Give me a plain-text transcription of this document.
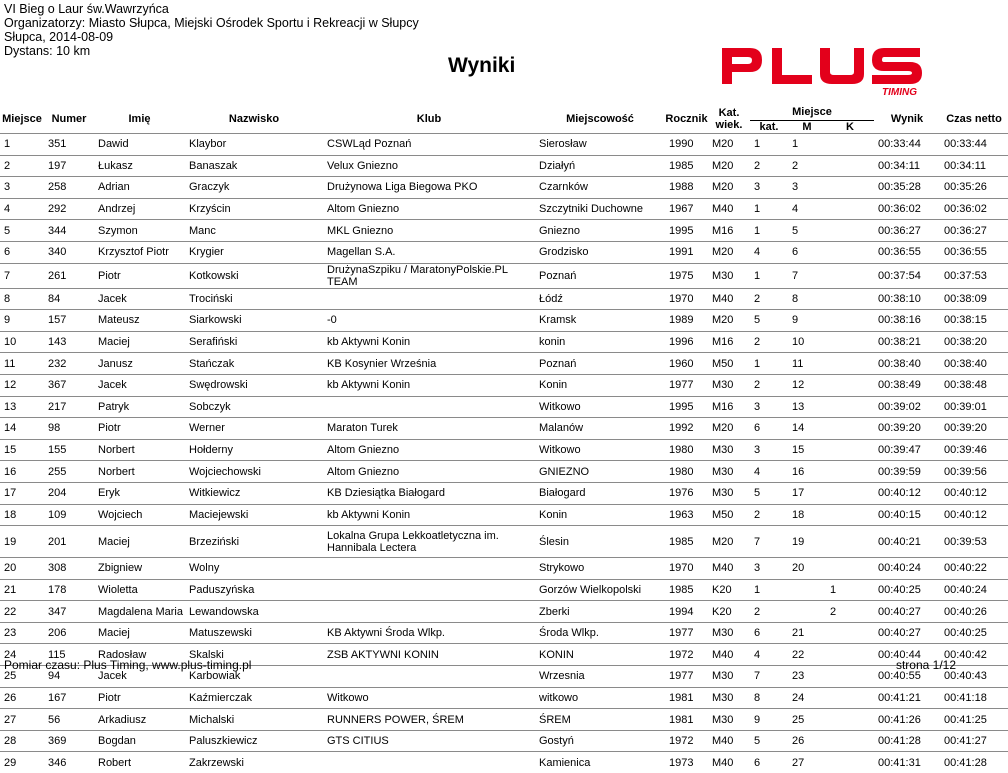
VI Bieg o Laur św.Wawrzyńca
Organizatorzy: Miasto Słupca, Miejski Ośrodek Sportu i Rekreacji w Słupcy
Słupca, 2014-08-09
Dystans: 10 km
Wyniki
TIMING
Miejsce	Numer	Imię	Nazwisko	Klub	Miejscowość	Rocznik	Kat.
wiek.	Miejsce			Wynik	Czas netto
								kat.	M	K		
1	351	Dawid	Klaybor	CSWLąd Poznań	Sierosław	1990	M20	1	1		00:33:44	00:33:44
2	197	Łukasz	Banaszak	Velux Gniezno	Działyń	1985	M20	2	2		00:34:11	00:34:11
3	258	Adrian	Graczyk	Drużynowa Liga Biegowa PKO	Czarnków	1988	M20	3	3		00:35:28	00:35:26
4	292	Andrzej	Krzyścin	Altom Gniezno	Szczytniki Duchowne	1967	M40	1	4		00:36:02	00:36:02
5	344	Szymon	Manc	MKL Gniezno	Gniezno	1995	M16	1	5		00:36:27	00:36:27
6	340	Krzysztof Piotr	Krygier	Magellan S.A.	Grodzisko	1991	M20	4	6		00:36:55	00:36:55
7	261	Piotr	Kotkowski	DrużynaSzpiku / MaratonyPolskie.PL TEAM	Poznań	1975	M30	1	7		00:37:54	00:37:53
8	84	Jacek	Trociński		Łódź	1970	M40	2	8		00:38:10	00:38:09
9	157	Mateusz	Siarkowski	-0	Kramsk	1989	M20	5	9		00:38:16	00:38:15
10	143	Maciej	Serafiński	kb Aktywni Konin	konin	1996	M16	2	10		00:38:21	00:38:20
11	232	Janusz	Stańczak	KB Kosynier Września	Poznań	1960	M50	1	11		00:38:40	00:38:40
12	367	Jacek	Swędrowski	kb Aktywni Konin	Konin	1977	M30	2	12		00:38:49	00:38:48
13	217	Patryk	Sobczyk		Witkowo	1995	M16	3	13		00:39:02	00:39:01
14	98	Piotr	Werner	Maraton Turek	Malanów	1992	M20	6	14		00:39:20	00:39:20
15	155	Norbert	Hołderny	Altom Gniezno	Witkowo	1980	M30	3	15		00:39:47	00:39:46
16	255	Norbert	Wojciechowski	Altom Gniezno	GNIEZNO	1980	M30	4	16		00:39:59	00:39:56
17	204	Eryk	Witkiewicz	KB Dziesiątka Białogard	Białogard	1976	M30	5	17		00:40:12	00:40:12
18	109	Wojciech	Maciejewski	kb Aktywni Konin	Konin	1963	M50	2	18		00:40:15	00:40:12
19	201	Maciej	Brzeziński	Lokalna Grupa Lekkoatletyczna im. Hannibala Lectera	Ślesin	1985	M20	7	19		00:40:21	00:39:53
20	308	Zbigniew	Wolny		Strykowo	1970	M40	3	20		00:40:24	00:40:22
21	178	Wioletta	Paduszyńska		Gorzów Wielkopolski	1985	K20	1		1	00:40:25	00:40:24
22	347	Magdalena Maria	Lewandowska		Zberki	1994	K20	2		2	00:40:27	00:40:26
23	206	Maciej	Matuszewski	KB Aktywni Środa Wlkp.	Środa Wlkp.	1977	M30	6	21		00:40:27	00:40:25
24	115	Radosław	Skalski	ZSB AKTYWNI KONIN	KONIN	1972	M40	4	22		00:40:44	00:40:42
25	94	Jacek	Karbowiak		Wrzesnia	1977	M30	7	23		00:40:55	00:40:43
26	167	Piotr	Kaźmierczak	Witkowo	witkowo	1981	M30	8	24		00:41:21	00:41:18
27	56	Arkadiusz	Michalski	RUNNERS POWER, ŚREM	ŚREM	1981	M30	9	25		00:41:26	00:41:25
28	369	Bogdan	Paluszkiewicz	GTS CITIUS	Gostyń	1972	M40	5	26		00:41:28	00:41:27
29	346	Robert	Zakrzewski		Kamienica	1973	M40	6	27		00:41:31	00:41:28
Pomiar czasu: Plus Timing, www.plus-timing.pl	strona 1/12
